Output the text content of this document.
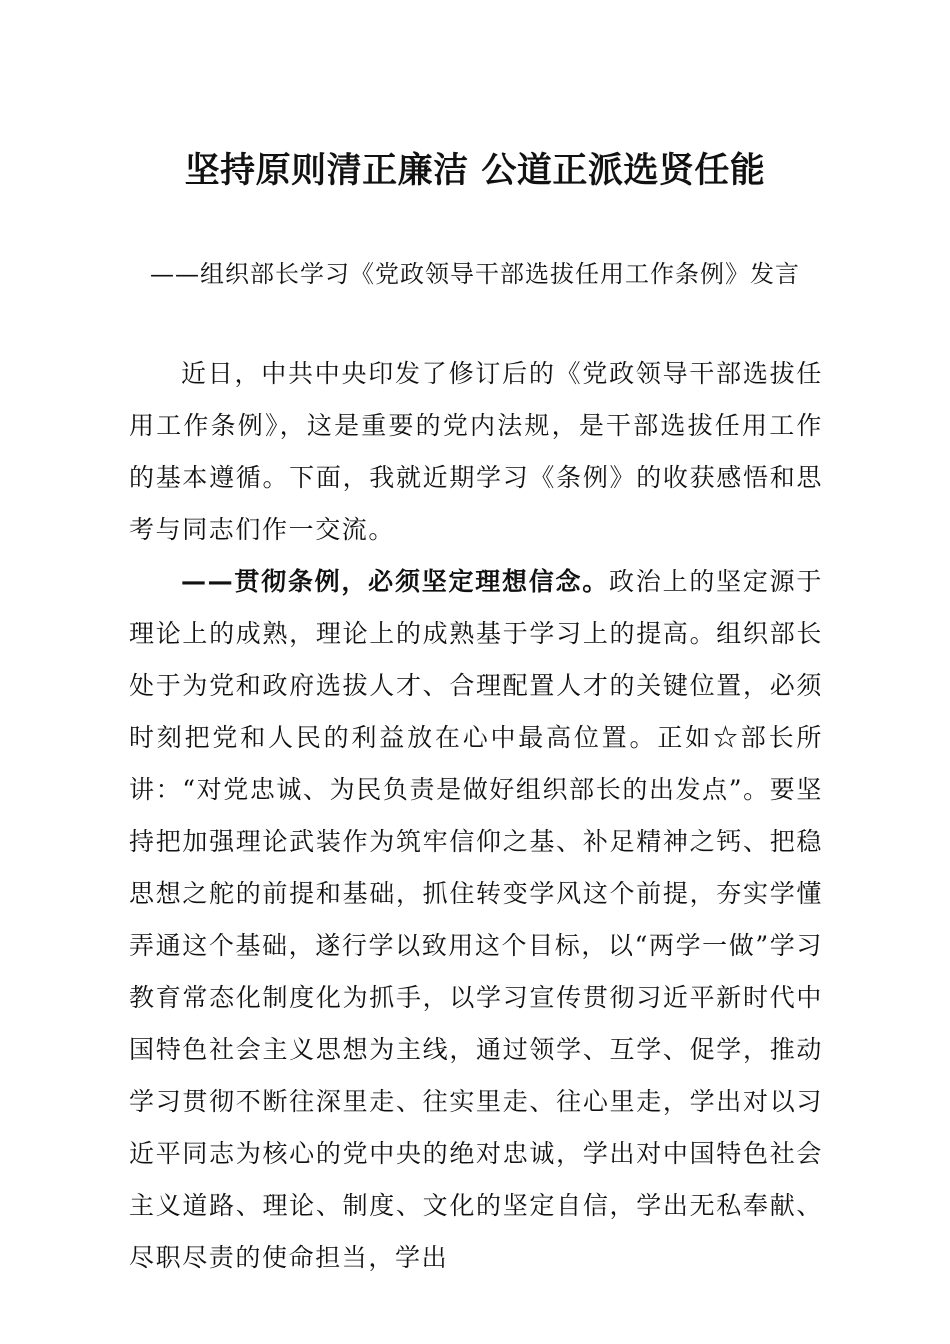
坚持原则清正廉洁 公道正派选贤任能

——组织部长学习《党政领导干部选拔任用工作条例》发言

近日，中共中央印发了修订后的《党政领导干部选拔任用工作条例》，这是重要的党内法规，是干部选拔任用工作的基本遵循。下面，我就近期学习《条例》的收获感悟和思考与同志们作一交流。

——贯彻条例，必须坚定理想信念。政治上的坚定源于理论上的成熟，理论上的成熟基于学习上的提高。组织部长处于为党和政府选拔人才、合理配置人才的关键位置，必须时刻把党和人民的利益放在心中最高位置。正如☆部长所讲：“对党忠诚、为民负责是做好组织部长的出发点”。要坚持把加强理论武装作为筑牢信仰之基、补足精神之钙、把稳思想之舵的前提和基础，抓住转变学风这个前提，夯实学懂弄通这个基础，遂行学以致用这个目标，以“两学一做”学习教育常态化制度化为抓手，以学习宣传贯彻习近平新时代中国特色社会主义思想为主线，通过领学、互学、促学，推动学习贯彻不断往深里走、往实里走、往心里走，学出对以习近平同志为核心的党中央的绝对忠诚，学出对中国特色社会主义道路、理论、制度、文化的坚定自信，学出无私奉献、尽职尽责的使命担当，学出
